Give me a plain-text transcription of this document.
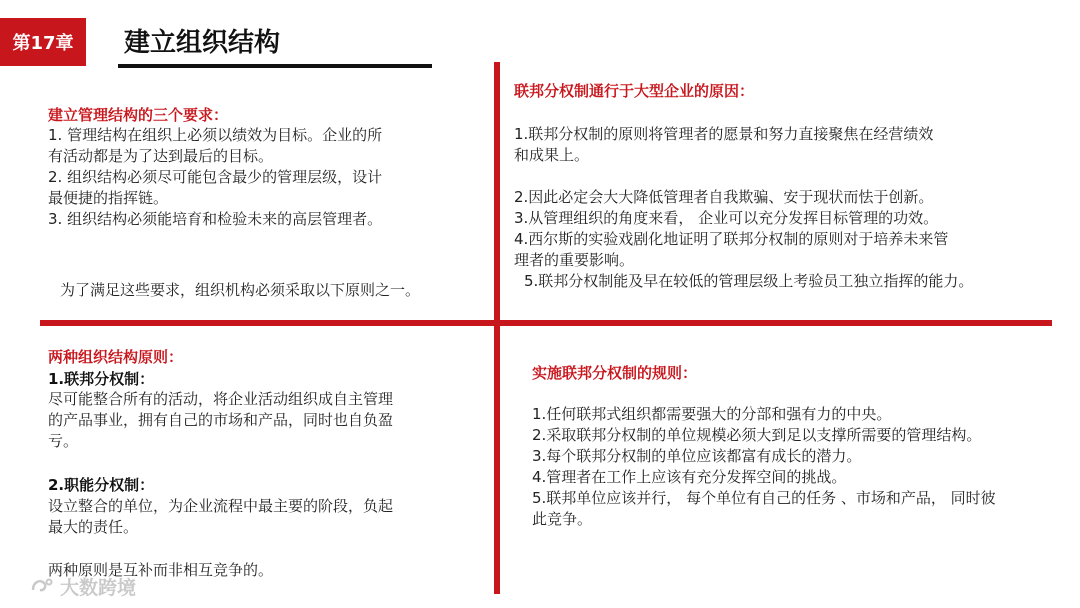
第17章	建立组织结构
建立管理结构的三个要求：
1. 管理结构在组织上必须以绩效为目标。企业的所
有活动都是为了达到最后的目标。
2. 组织结构必须尽可能包含最少的管理层级，设计
最便捷的指挥链。
3. 组织结构必须能培育和检验未来的高层管理者。
为了满足这些要求，组织机构必须采取以下原则之一。
联邦分权制通行于大型企业的原因：
1.联邦分权制的原则将管理者的愿景和努力直接聚焦在经营绩效
和成果上。
2.因此必定会大大降低管理者自我欺骗、安于现状而怯于创新。
3.从管理组织的角度来看， 企业可以充分发挥目标管理的功效。
4.西尔斯的实验戏剧化地证明了联邦分权制的原则对于培养未来管
理者的重要影响。
5.联邦分权制能及早在较低的管理层级上考验员工独立指挥的能力。
两种组织结构原则：
1.联邦分权制：
尽可能整合所有的活动，将企业活动组织成自主管理
的产品事业，拥有自己的市场和产品，同时也自负盈
亏。
2.职能分权制：
设立整合的单位，为企业流程中最主要的阶段，负起
最大的责任。
两种原则是互补而非相互竞争的。
实施联邦分权制的规则：
1.任何联邦式组织都需要强大的分部和强有力的中央。
2.采取联邦分权制的单位规模必须大到足以支撑所需要的管理结构。
3.每个联邦分权制的单位应该都富有成长的潜力。
4.管理者在工作上应该有充分发挥空间的挑战。
5.联邦单位应该并行， 每个单位有自己的任务 、市场和产品， 同时彼
此竞争。
大数跨境
